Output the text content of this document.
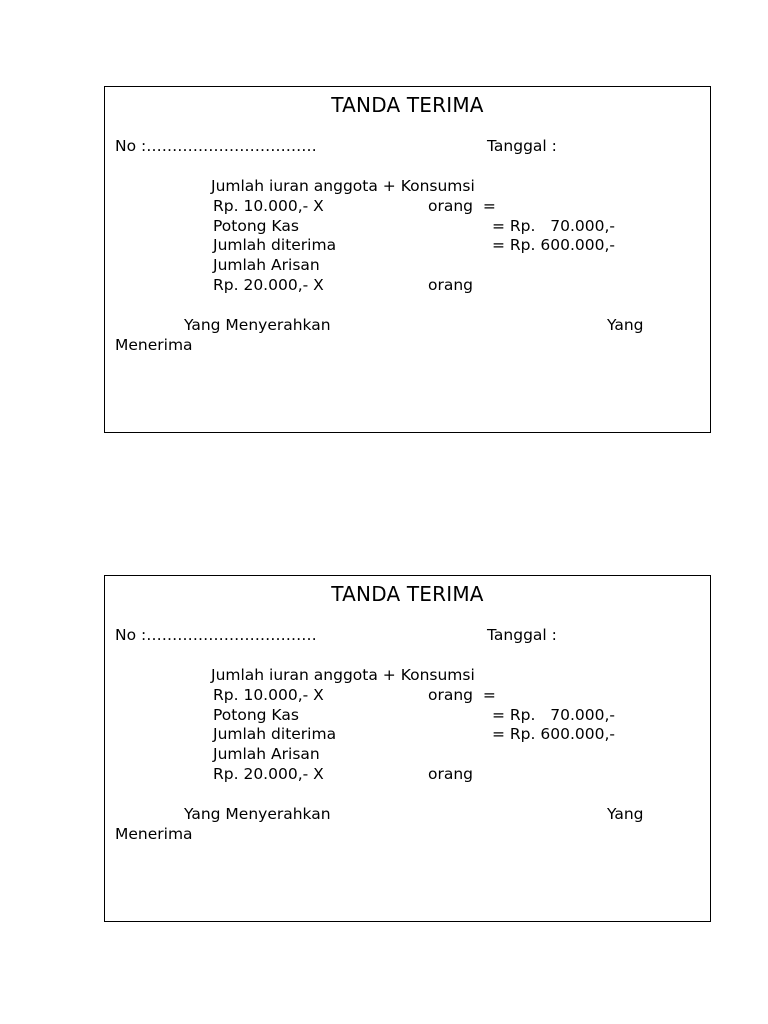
TANDA TERIMA
No :……………………………	Tanggal :
Jumlah iuran anggota + Konsumsi
Rp. 10.000,- X	orang  =
Potong Kas	= Rp.   70.000,-
Jumlah diterima	= Rp. 600.000,-
Jumlah Arisan
Rp. 20.000,- X	orang
Yang Menyerahkan	Yang
Menerima
TANDA TERIMA
No :……………………………	Tanggal :
Jumlah iuran anggota + Konsumsi
Rp. 10.000,- X	orang  =
Potong Kas	= Rp.   70.000,-
Jumlah diterima	= Rp. 600.000,-
Jumlah Arisan
Rp. 20.000,- X	orang
Yang Menyerahkan	Yang
Menerima
